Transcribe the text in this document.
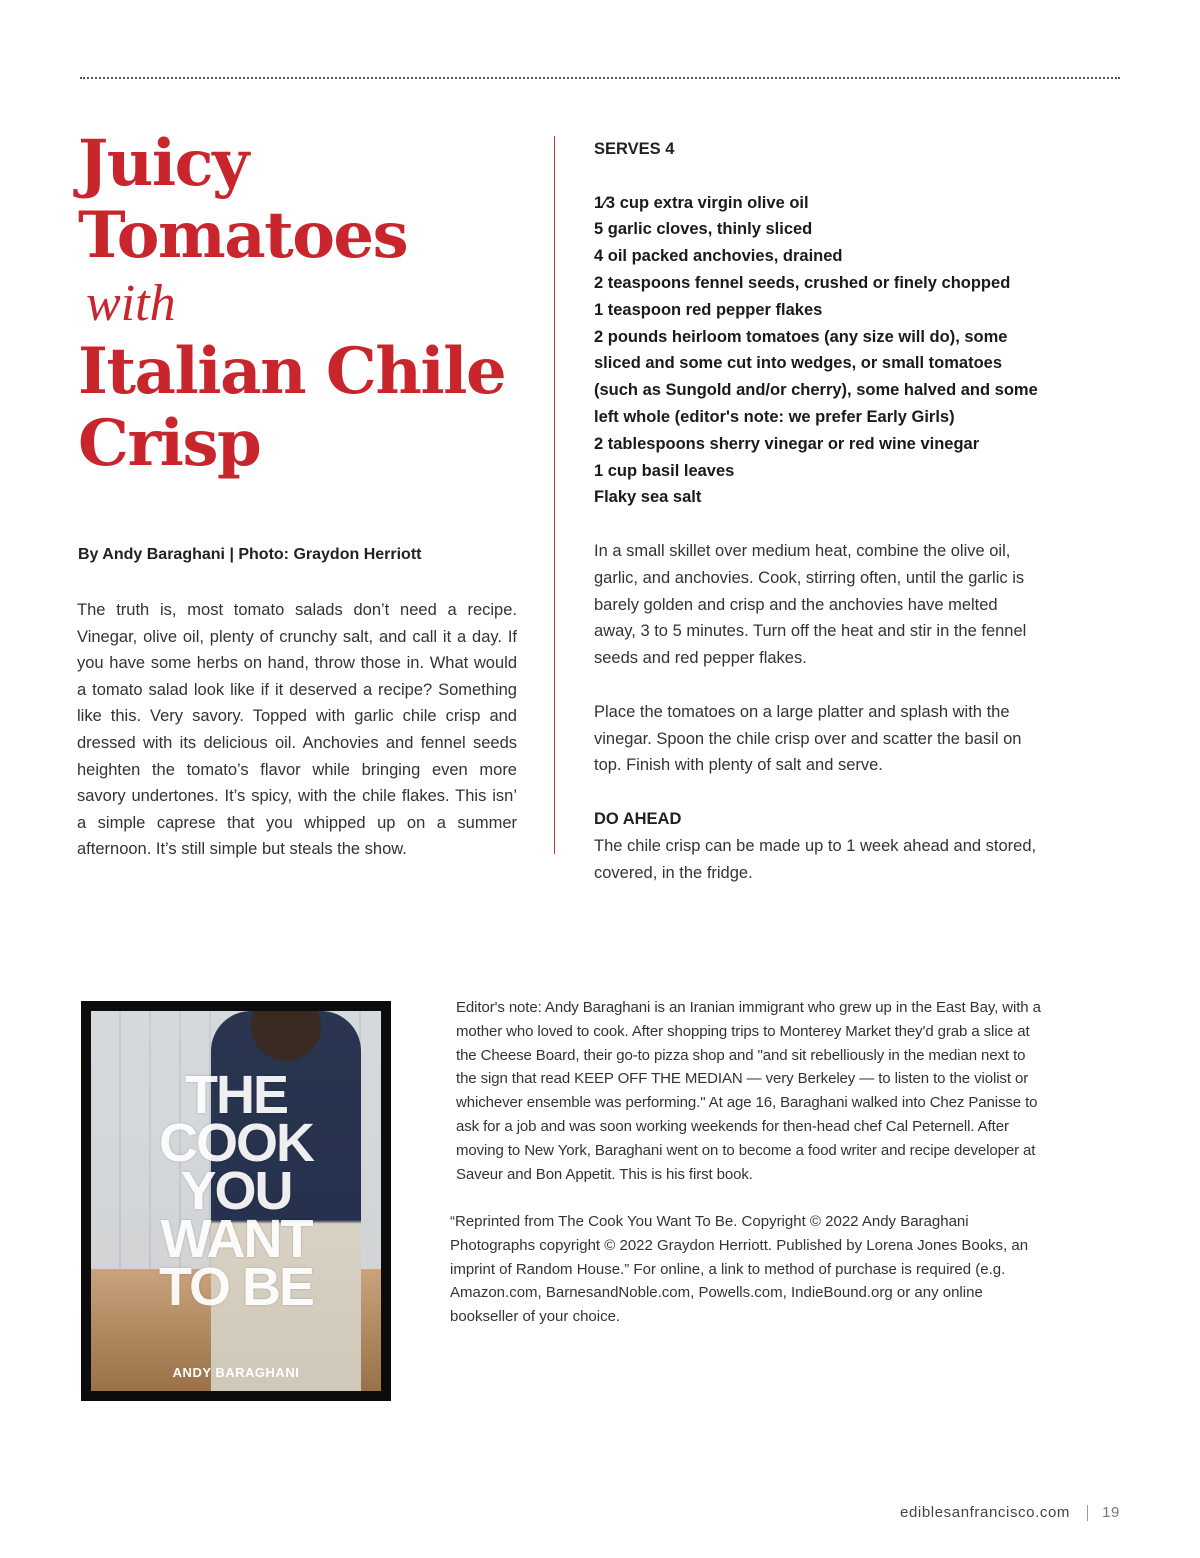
Juicy
Tomatoes
with
Italian Chile
Crisp
By Andy Baraghani | Photo: Graydon Herriott

The truth is, most tomato salads don’t need a recipe. Vinegar, olive oil, plenty of crunchy salt, and call it a day. If you have some herbs on hand, throw those in. What would a tomato salad look like if it deserved a recipe? Something like this. Very savory. Topped with garlic chile crisp and dressed with its delicious oil. Anchovies and fennel seeds heighten the tomato’s flavor while bringing even more savory undertones. It’s spicy, with the chile flakes. This isn’ a simple caprese that you whipped up on a summer afternoon. It’s still simple but steals the show.

SERVES 4

1⁄3 cup extra virgin olive oil
5 garlic cloves, thinly sliced
4 oil packed anchovies, drained
2 teaspoons fennel seeds, crushed or finely chopped
1 teaspoon red pepper flakes
2 pounds heirloom tomatoes (any size will do), some sliced and some cut into wedges, or small tomatoes (such as Sungold and/or cherry), some halved and some left whole (editor's note: we prefer Early Girls)
2 tablespoons sherry vinegar or red wine vinegar
1 cup basil leaves
Flaky sea salt

In a small skillet over medium heat, combine the olive oil, garlic, and anchovies. Cook, stirring often, until the garlic is barely golden and crisp and the anchovies have melted away, 3 to 5 minutes. Turn off the heat and stir in the fennel seeds and red pepper flakes.

Place the tomatoes on a large platter and splash with the vinegar. Spoon the chile crisp over and scatter the basil on top. Finish with plenty of salt and serve.

DO AHEAD

The chile crisp can be made up to 1 week ahead and stored, covered, in the fridge.

THE
COOK
YOU
WANT
TO BE
ANDY BARAGHANI

Editor's note: Andy Baraghani is an Iranian immigrant who grew up in the East Bay, with a mother who loved to cook. After shopping trips to Monterey Market they'd grab a slice at the Cheese Board, their go-to pizza shop and "and sit rebelliously in the median next to the sign that read KEEP OFF THE MEDIAN — very Berkeley — to listen to the violist or whichever ensemble was performing." At age 16, Baraghani walked into Chez Panisse to ask for a job and was soon working weekends for then-head chef Cal Peternell. After moving to New York, Baraghani went on to become a food writer and recipe developer at Saveur and Bon Appetit. This is his first book.

“Reprinted from The Cook You Want To Be. Copyright © 2022 Andy Baraghani Photographs copyright © 2022 Graydon Herriott. Published by Lorena Jones Books, an imprint of Random House.” For online, a link to method of purchase is required (e.g. Amazon.com, BarnesandNoble.com, Powells.com, IndieBound.org or any online bookseller of your choice.

ediblesanfrancisco.com 19
